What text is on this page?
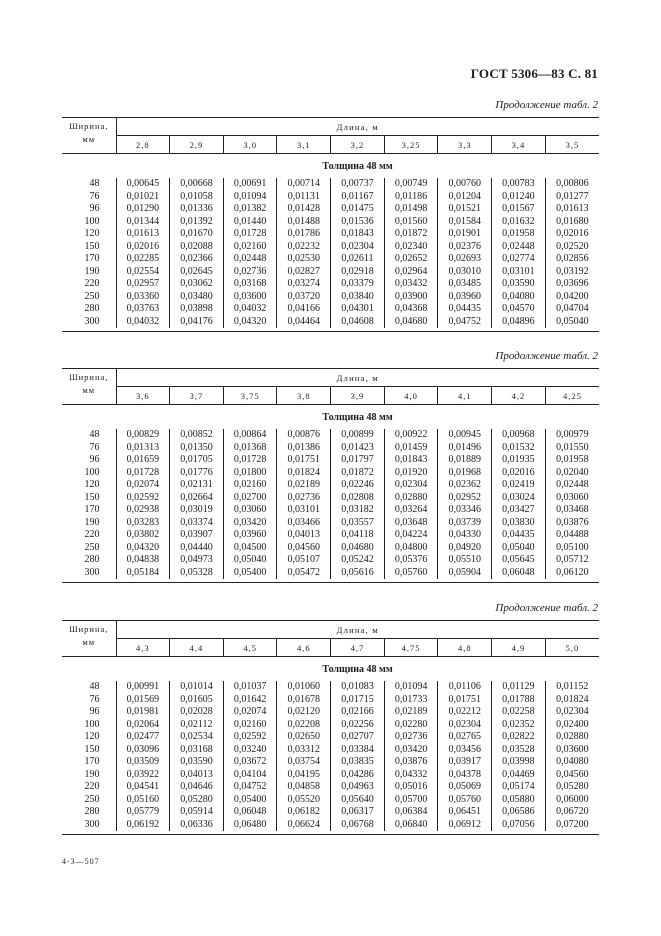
ГОСТ 5306—83 С. 81
Продолжение табл. 2
Ширина,
мм	Длина, м								
	2,8	2,9	3,0	3,1	3,2	3,25	3,3	3,4	3,5
	Толщина 48 мм								
48	0,00645	0,00668	0,00691	0,00714	0,00737	0,00749	0,00760	0,00783	0,00806
76	0,01021	0,01058	0,01094	0,01131	0,01167	0,01186	0,01204	0,01240	0,01277
96	0,01290	0,01336	0,01382	0,01428	0,01475	0,01498	0,01521	0,01567	0,01613
100	0,01344	0,01392	0,01440	0,01488	0,01536	0,01560	0,01584	0,01632	0,01680
120	0,01613	0,01670	0,01728	0,01786	0,01843	0,01872	0,01901	0,01958	0,02016
150	0,02016	0,02088	0,02160	0,02232	0,02304	0,02340	0,02376	0,02448	0,02520
170	0,02285	0,02366	0,02448	0,02530	0,02611	0,02652	0,02693	0,02774	0,02856
190	0,02554	0,02645	0,02736	0,02827	0,02918	0,02964	0,03010	0,03101	0,03192
220	0,02957	0,03062	0,03168	0,03274	0,03379	0,03432	0,03485	0,03590	0,03696
250	0,03360	0,03480	0,03600	0,03720	0,03840	0,03900	0,03960	0,04080	0,04200
280	0,03763	0,03898	0,04032	0,04166	0,04301	0,04368	0,04435	0,04570	0,04704
300	0,04032	0,04176	0,04320	0,04464	0,04608	0,04680	0,04752	0,04896	0,05040

Продолжение табл. 2
Ширина,
мм	Длина, м								
	3,6	3,7	3,75	3,8	3,9	4,0	4,1	4,2	4,25
	Толщина 48 мм								
48	0,00829	0,00852	0,00864	0,00876	0,00899	0,00922	0,00945	0,00968	0,00979
76	0,01313	0,01350	0,01368	0,01386	0,01423	0,01459	0,01496	0,01532	0,01550
96	0,01659	0,01705	0,01728	0,01751	0,01797	0,01843	0,01889	0,01935	0,01958
100	0,01728	0,01776	0,01800	0,01824	0,01872	0,01920	0,01968	0,02016	0,02040
120	0,02074	0,02131	0,02160	0,02189	0,02246	0,02304	0,02362	0,02419	0,02448
150	0,02592	0,02664	0,02700	0,02736	0,02808	0,02880	0,02952	0,03024	0,03060
170	0,02938	0,03019	0,03060	0,03101	0,03182	0,03264	0,03346	0,03427	0,03468
190	0,03283	0,03374	0,03420	0,03466	0,03557	0,03648	0,03739	0,03830	0,03876
220	0,03802	0,03907	0,03960	0,04013	0,04118	0,04224	0,04330	0,04435	0,04488
250	0,04320	0,04440	0,04500	0,04560	0,04680	0,04800	0,04920	0,05040	0,05100
280	0,04838	0,04973	0,05040	0,05107	0,05242	0,05376	0,05510	0,05645	0,05712
300	0,05184	0,05328	0,05400	0,05472	0,05616	0,05760	0,05904	0,06048	0,06120

Продолжение табл. 2
Ширина,
мм	Длина, м								
	4,3	4,4	4,5	4,6	4,7	4,75	4,8	4,9	5,0
	Толщина 48 мм								
48	0,00991	0,01014	0,01037	0,01060	0,01083	0,01094	0,01106	0,01129	0,01152
76	0,01569	0,01605	0,01642	0,01678	0,01715	0,01733	0,01751	0,01788	0,01824
96	0,01981	0,02028	0,02074	0,02120	0,02166	0,02189	0,02212	0,02258	0,02304
100	0,02064	0,02112	0,02160	0,02208	0,02256	0,02280	0,02304	0,02352	0,02400
120	0,02477	0,02534	0,02592	0,02650	0,02707	0,02736	0,02765	0,02822	0,02880
150	0,03096	0,03168	0,03240	0,03312	0,03384	0,03420	0,03456	0,03528	0,03600
170	0,03509	0,03590	0,03672	0,03754	0,03835	0,03876	0,03917	0,03998	0,04080
190	0,03922	0,04013	0,04104	0,04195	0,04286	0,04332	0,04378	0,04469	0,04560
220	0,04541	0,04646	0,04752	0,04858	0,04963	0,05016	0,05069	0,05174	0,05280
250	0,05160	0,05280	0,05400	0,05520	0,05640	0,05700	0,05760	0,05880	0,06000
280	0,05779	0,05914	0,06048	0,06182	0,06317	0,06384	0,06451	0,06586	0,06720
300	0,06192	0,06336	0,06480	0,06624	0,06768	0,06840	0,06912	0,07056	0,07200

4-3—507
